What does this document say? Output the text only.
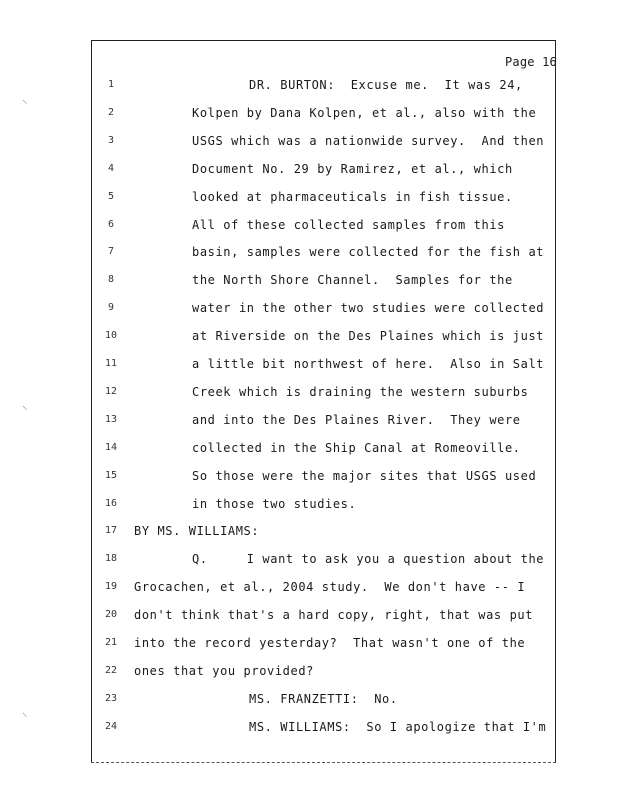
Page 16
⸜
⸜
⸜
1	DR. BURTON:  Excuse me.  It was 24,
2	Kolpen by Dana Kolpen, et al., also with the
3	USGS which was a nationwide survey.  And then
4	Document No. 29 by Ramirez, et al., which
5	looked at pharmaceuticals in fish tissue.
6	All of these collected samples from this
7	basin, samples were collected for the fish at
8	the North Shore Channel.  Samples for the
9	water in the other two studies were collected
10	at Riverside on the Des Plaines which is just
11	a little bit northwest of here.  Also in Salt
12	Creek which is draining the western suburbs
13	and into the Des Plaines River.  They were
14	collected in the Ship Canal at Romeoville.
15	So those were the major sites that USGS used
16	in those two studies.
17	BY MS. WILLIAMS:
18	Q.     I want to ask you a question about the
19	Grocachen, et al., 2004 study.  We don't have -- I
20	don't think that's a hard copy, right, that was put
21	into the record yesterday?  That wasn't one of the
22	ones that you provided?
23	MS. FRANZETTI:  No.
24	MS. WILLIAMS:  So I apologize that I'm
